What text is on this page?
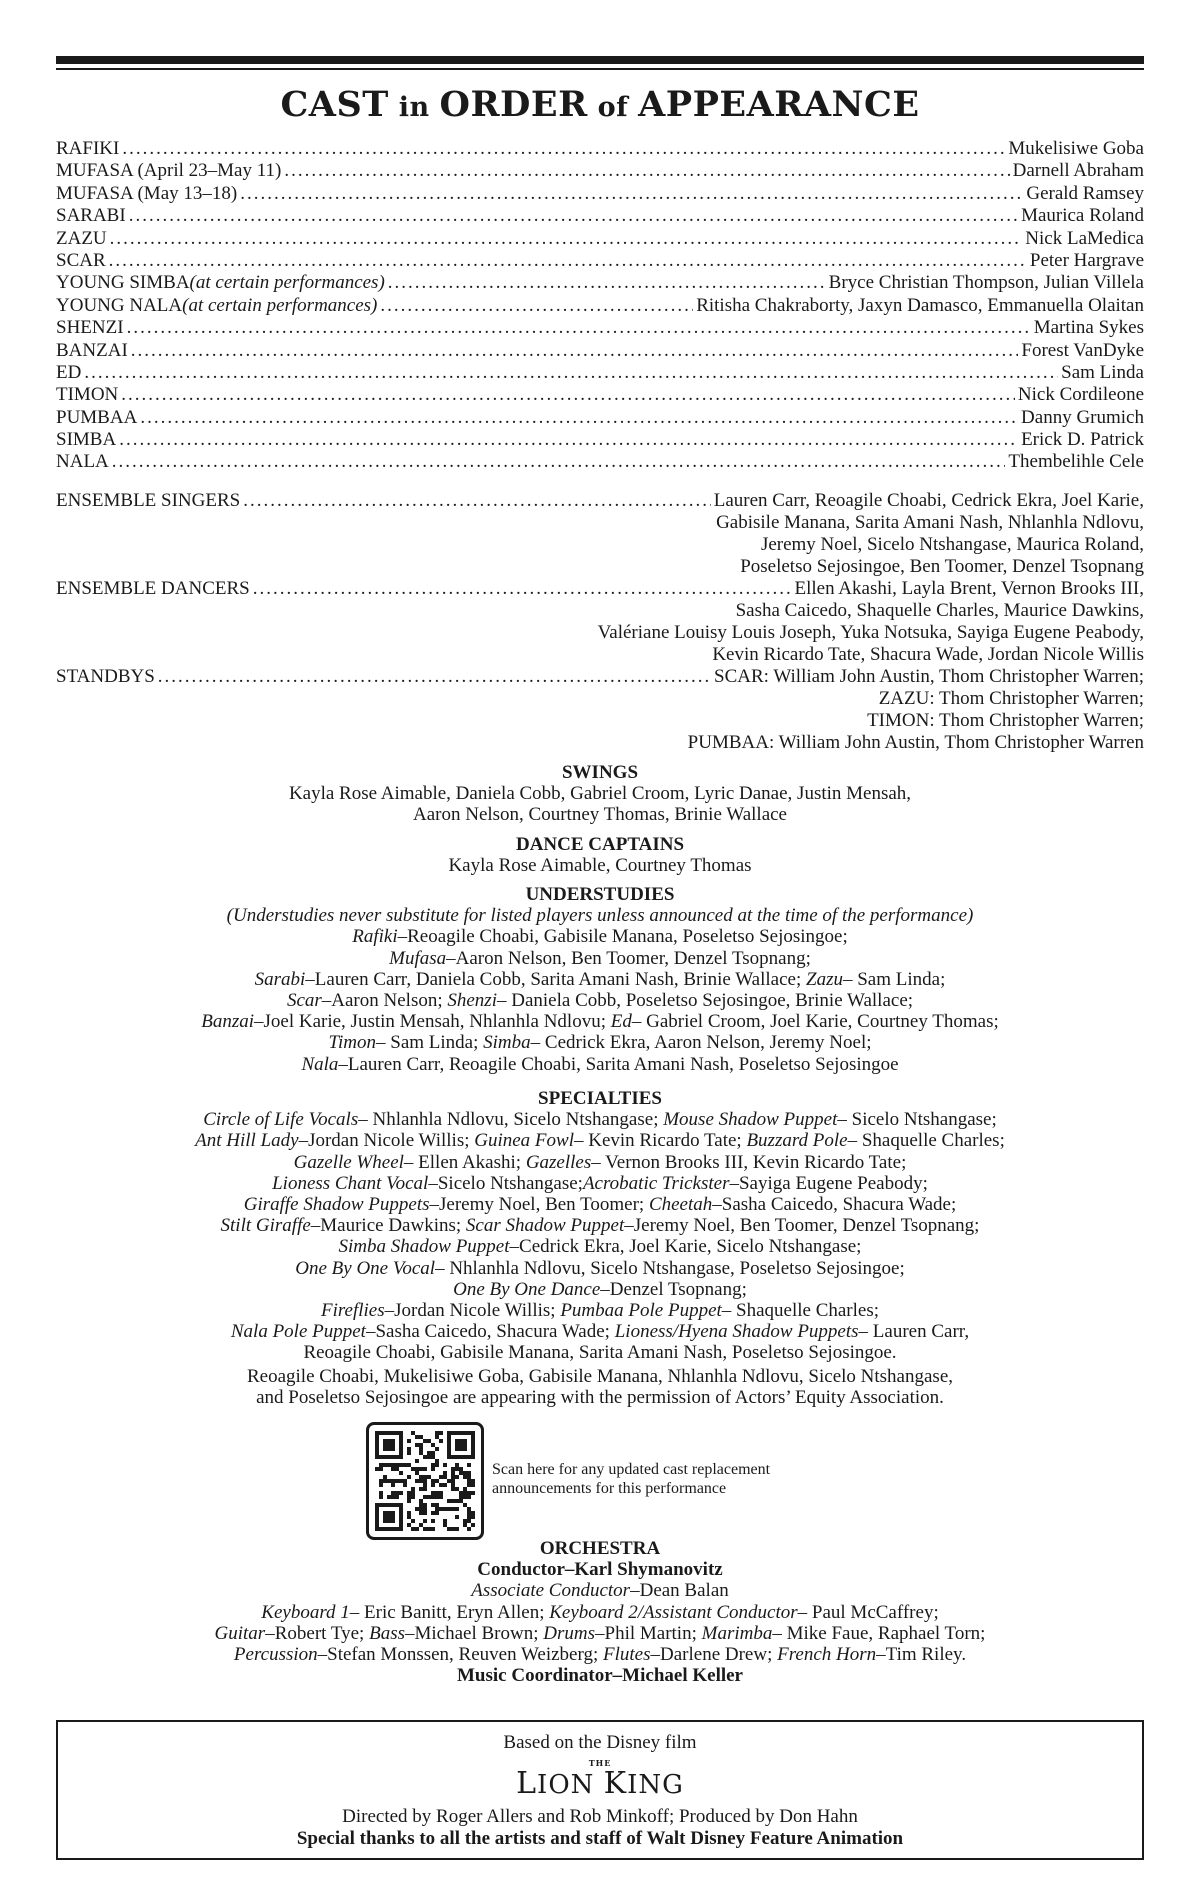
CAST in ORDER of APPEARANCE
RAFIKI .....	Mukelisiwe Goba
MUFASA (April 23–May 11) .....	Darnell Abraham
MUFASA (May 13–18) .....	Gerald Ramsey
SARABI .....	Maurica Roland
ZAZU .....	Nick LaMedica
SCAR .....	Peter Hargrave
YOUNG SIMBA (at certain performances) .....	Bryce Christian Thompson, Julian Villela
YOUNG NALA (at certain performances) .....	Ritisha Chakraborty, Jaxyn Damasco, Emmanuella Olaitan
SHENZI .....	Martina Sykes
BANZAI .....	Forest VanDyke
ED .....	Sam Linda
TIMON .....	Nick Cordileone
PUMBAA .....	Danny Grumich
SIMBA .....	Erick D. Patrick
NALA .....	Thembelihle Cele
ENSEMBLE SINGERS .....	Lauren Carr, Reoagile Choabi, Cedrick Ekra, Joel Karie,
Gabisile Manana, Sarita Amani Nash, Nhlanhla Ndlovu,
Jeremy Noel, Sicelo Ntshangase, Maurica Roland,
Poseletso Sejosingoe, Ben Toomer, Denzel Tsopnang
ENSEMBLE DANCERS .....	Ellen Akashi, Layla Brent, Vernon Brooks III,
Sasha Caicedo, Shaquelle Charles, Maurice Dawkins,
Valériane Louisy Louis Joseph, Yuka Notsuka, Sayiga Eugene Peabody,
Kevin Ricardo Tate, Shacura Wade, Jordan Nicole Willis
STANDBYS .....	SCAR: William John Austin, Thom Christopher Warren;
ZAZU: Thom Christopher Warren;
TIMON: Thom Christopher Warren;
PUMBAA: William John Austin, Thom Christopher Warren
SWINGS
Kayla Rose Aimable, Daniela Cobb, Gabriel Croom, Lyric Danae, Justin Mensah,
Aaron Nelson, Courtney Thomas, Brinie Wallace
DANCE CAPTAINS
Kayla Rose Aimable, Courtney Thomas
UNDERSTUDIES
(Understudies never substitute for listed players unless announced at the time of the performance)
Rafiki–Reoagile Choabi, Gabisile Manana, Poseletso Sejosingoe;
Mufasa–Aaron Nelson, Ben Toomer, Denzel Tsopnang;
Sarabi–Lauren Carr, Daniela Cobb, Sarita Amani Nash, Brinie Wallace; Zazu– Sam Linda;
Scar–Aaron Nelson; Shenzi– Daniela Cobb, Poseletso Sejosingoe, Brinie Wallace;
Banzai–Joel Karie, Justin Mensah, Nhlanhla Ndlovu; Ed– Gabriel Croom, Joel Karie, Courtney Thomas;
Timon– Sam Linda; Simba– Cedrick Ekra, Aaron Nelson, Jeremy Noel;
Nala–Lauren Carr, Reoagile Choabi, Sarita Amani Nash, Poseletso Sejosingoe
SPECIALTIES
Circle of Life Vocals– Nhlanhla Ndlovu, Sicelo Ntshangase; Mouse Shadow Puppet– Sicelo Ntshangase;
Ant Hill Lady–Jordan Nicole Willis; Guinea Fowl– Kevin Ricardo Tate; Buzzard Pole– Shaquelle Charles;
Gazelle Wheel– Ellen Akashi; Gazelles– Vernon Brooks III, Kevin Ricardo Tate;
Lioness Chant Vocal–Sicelo Ntshangase;Acrobatic Trickster–Sayiga Eugene Peabody;
Giraffe Shadow Puppets–Jeremy Noel, Ben Toomer; Cheetah–Sasha Caicedo, Shacura Wade;
Stilt Giraffe–Maurice Dawkins; Scar Shadow Puppet–Jeremy Noel, Ben Toomer, Denzel Tsopnang;
Simba Shadow Puppet–Cedrick Ekra, Joel Karie, Sicelo Ntshangase;
One By One Vocal– Nhlanhla Ndlovu, Sicelo Ntshangase, Poseletso Sejosingoe;
One By One Dance–Denzel Tsopnang;
Fireflies–Jordan Nicole Willis; Pumbaa Pole Puppet– Shaquelle Charles;
Nala Pole Puppet–Sasha Caicedo, Shacura Wade; Lioness/Hyena Shadow Puppets– Lauren Carr,
Reoagile Choabi, Gabisile Manana, Sarita Amani Nash, Poseletso Sejosingoe.
Reoagile Choabi, Mukelisiwe Goba, Gabisile Manana, Nhlanhla Ndlovu, Sicelo Ntshangase,
and Poseletso Sejosingoe are appearing with the permission of Actors’ Equity Association.
Scan here for any updated cast replacement
announcements for this performance
ORCHESTRA
Conductor–Karl Shymanovitz
Associate Conductor–Dean Balan
Keyboard 1– Eric Banitt, Eryn Allen; Keyboard 2/Assistant Conductor– Paul McCaffrey;
Guitar–Robert Tye; Bass–Michael Brown; Drums–Phil Martin; Marimba– Mike Faue, Raphael Torn;
Percussion–Stefan Monssen, Reuven Weizberg; Flutes–Darlene Drew; French Horn–Tim Riley.
Music Coordinator–Michael Keller
Based on the Disney film
THE
LION KING
Directed by Roger Allers and Rob Minkoff; Produced by Don Hahn
Special thanks to all the artists and staff of Walt Disney Feature Animation
